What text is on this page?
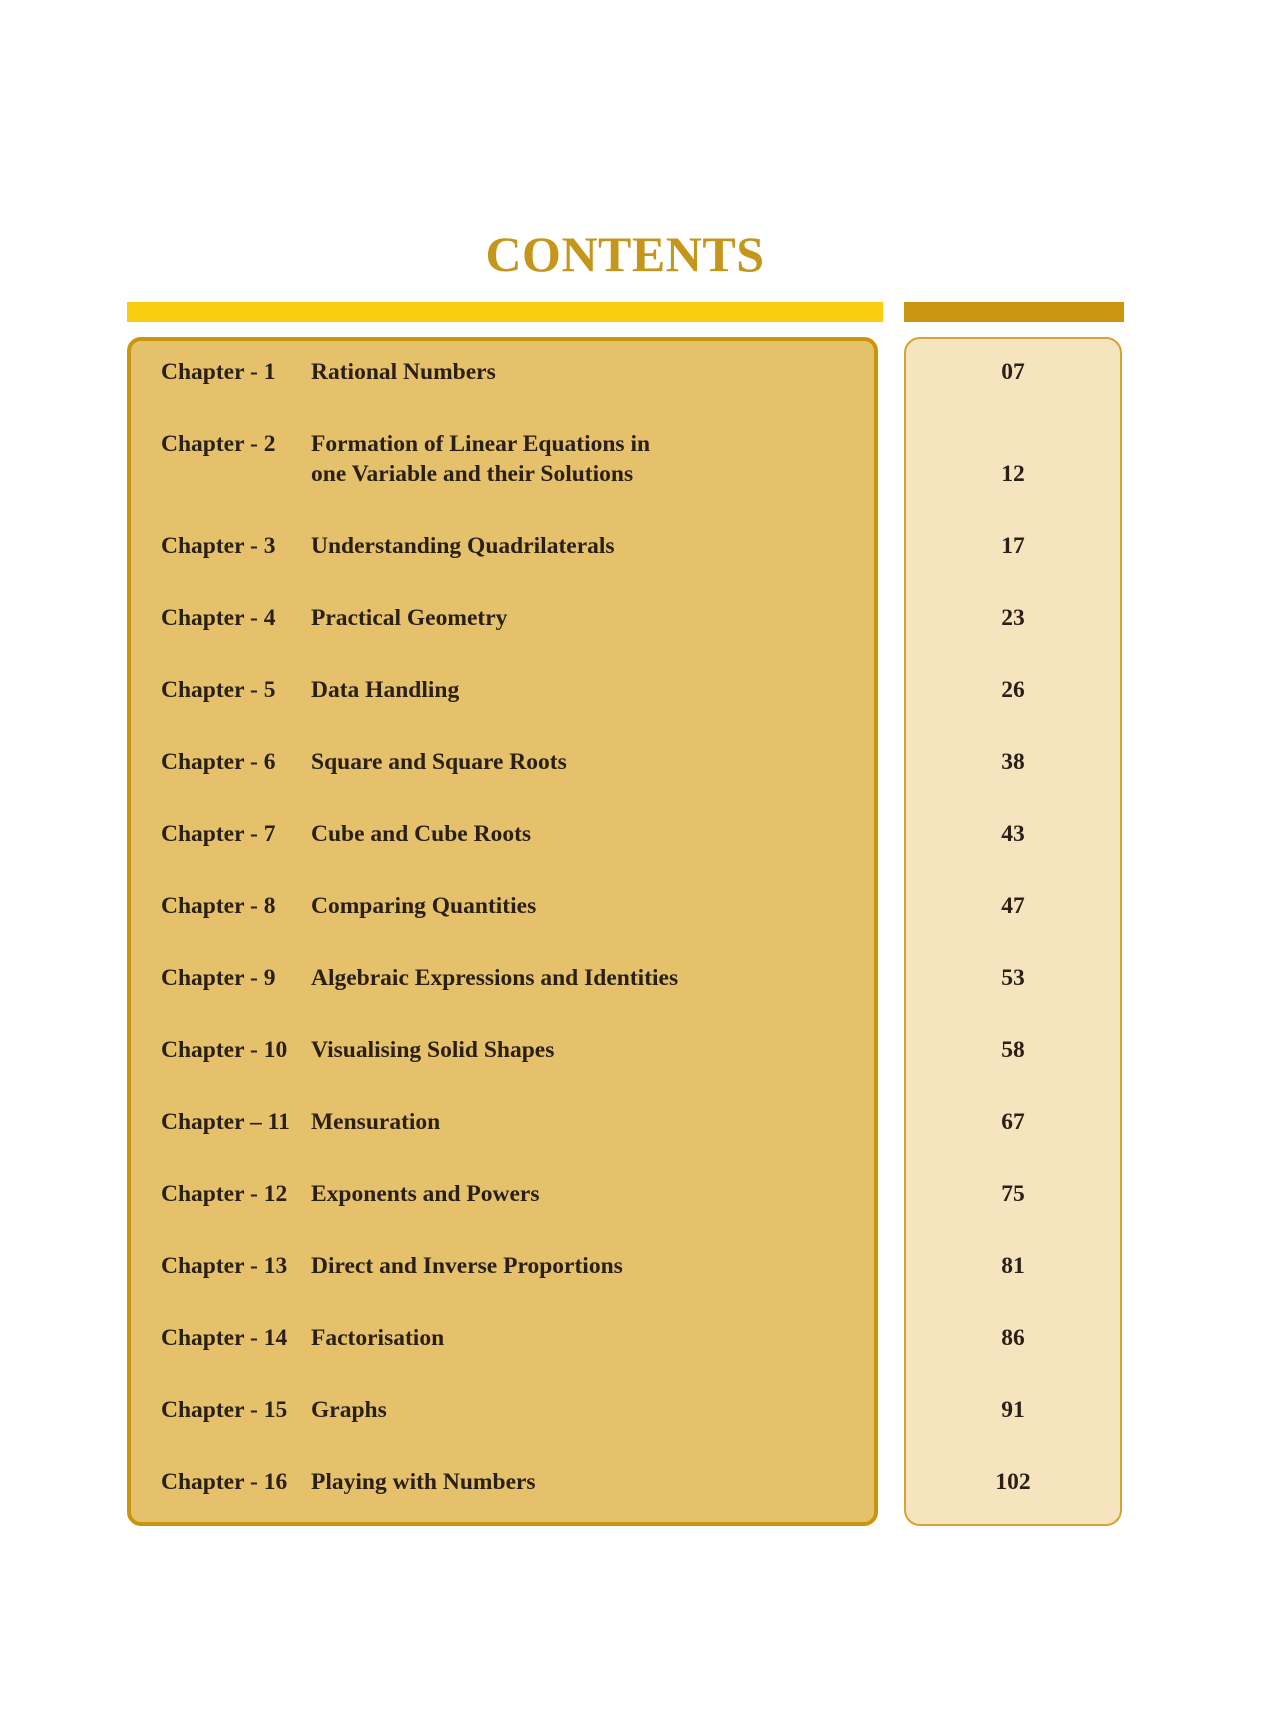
CONTENTS
Chapter - 1 Rational Numbers	07
Chapter - 2 Formation of Linear Equations in
one Variable and their Solutions	12
Chapter - 3 Understanding Quadrilaterals	17
Chapter - 4 Practical Geometry	23
Chapter - 5 Data Handling	26
Chapter - 6 Square and Square Roots	38
Chapter - 7 Cube and Cube Roots	43
Chapter - 8 Comparing Quantities	47
Chapter - 9 Algebraic Expressions and Identities	53
Chapter - 10 Visualising Solid Shapes	58
Chapter – 11 Mensuration	67
Chapter - 12 Exponents and Powers	75
Chapter - 13 Direct and Inverse Proportions	81
Chapter - 14 Factorisation	86
Chapter - 15 Graphs	91
Chapter - 16 Playing with Numbers	102
